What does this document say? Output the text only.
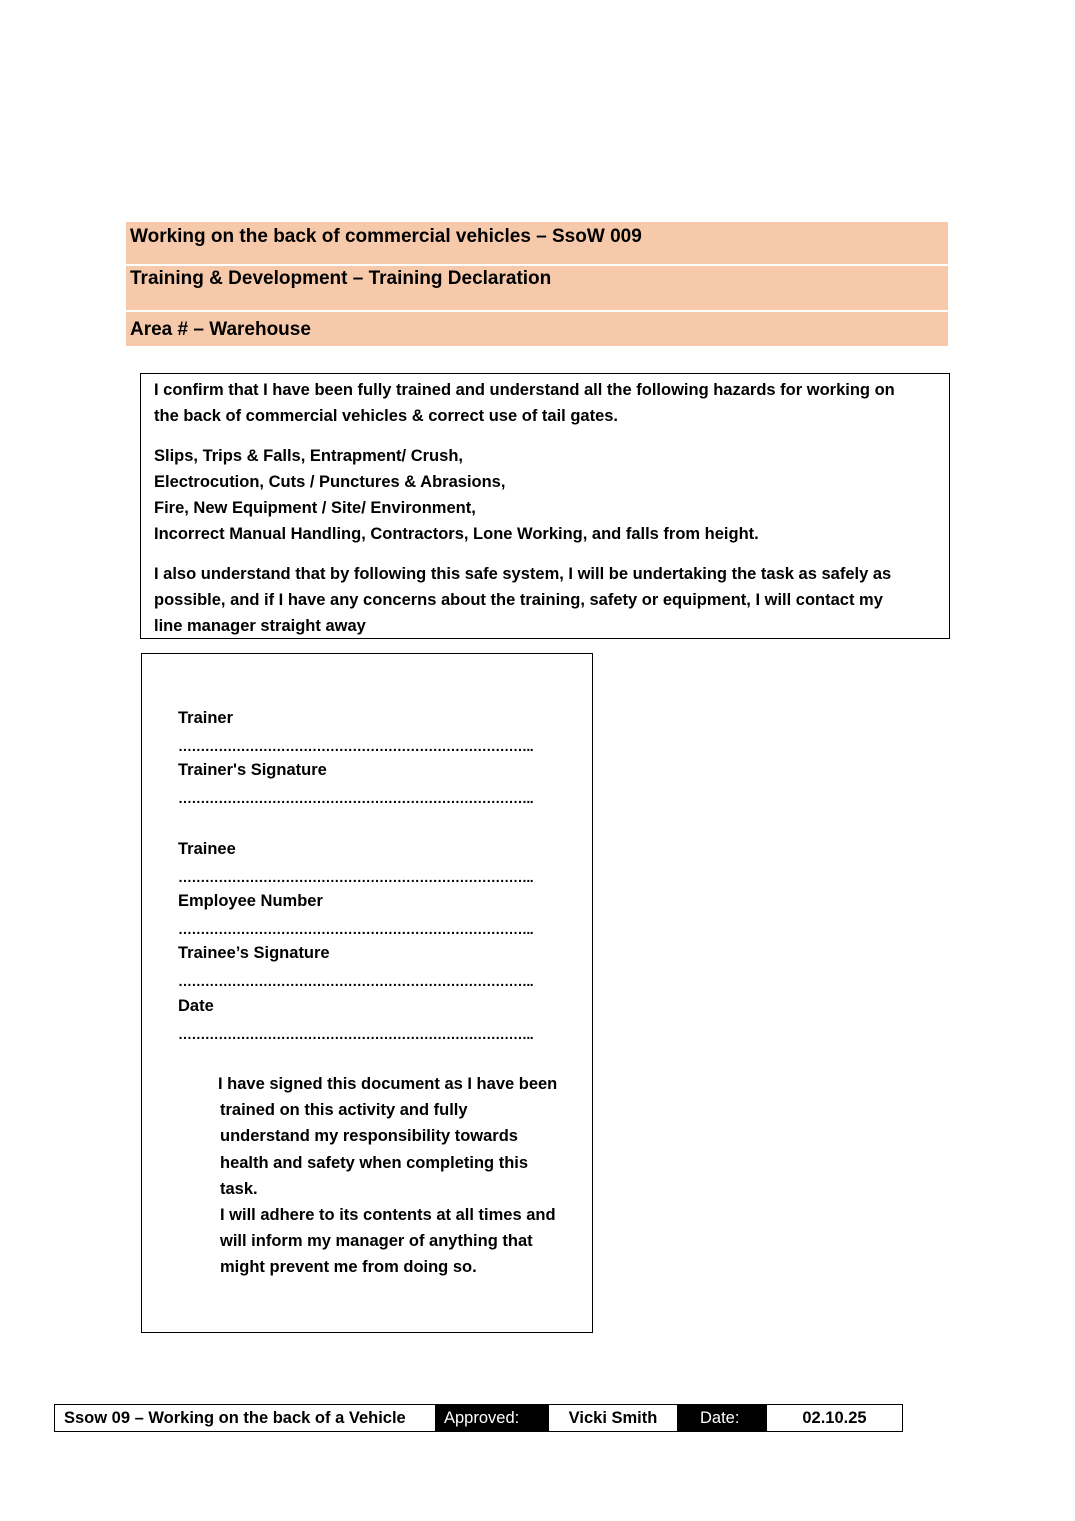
Working on the back of commercial vehicles – SsoW 009
Training & Development – Training Declaration
Area # – Warehouse

I confirm that I have been fully trained and understand all the following hazards for working on
the back of commercial vehicles & correct use of tail gates.

Slips, Trips & Falls, Entrapment/ Crush,
Electrocution, Cuts / Punctures & Abrasions,
Fire, New Equipment / Site/ Environment,
Incorrect Manual Handling, Contractors, Lone Working, and falls from height.

I also understand that by following this safe system, I will be undertaking the task as safely as
possible, and if I have any concerns about the training, safety or equipment, I will contact my
line manager straight away

Trainer
……………………………………………………………………..
Trainer's Signature
……………………………………………………………………..
Trainee
……………………………………………………………………..
Employee Number
……………………………………………………………………..
Trainee’s Signature
……………………………………………………………………..
Date
……………………………………………………………………..
I have signed this document as I have been
trained on this activity and fully
understand my responsibility towards
health and safety when completing this
task.
I will adhere to its contents at all times and
will inform my manager of anything that
might prevent me from doing so.
Ssow 09 – Working on the back of a Vehicle	Approved:	Vicki Smith	Date:	02.10.25
